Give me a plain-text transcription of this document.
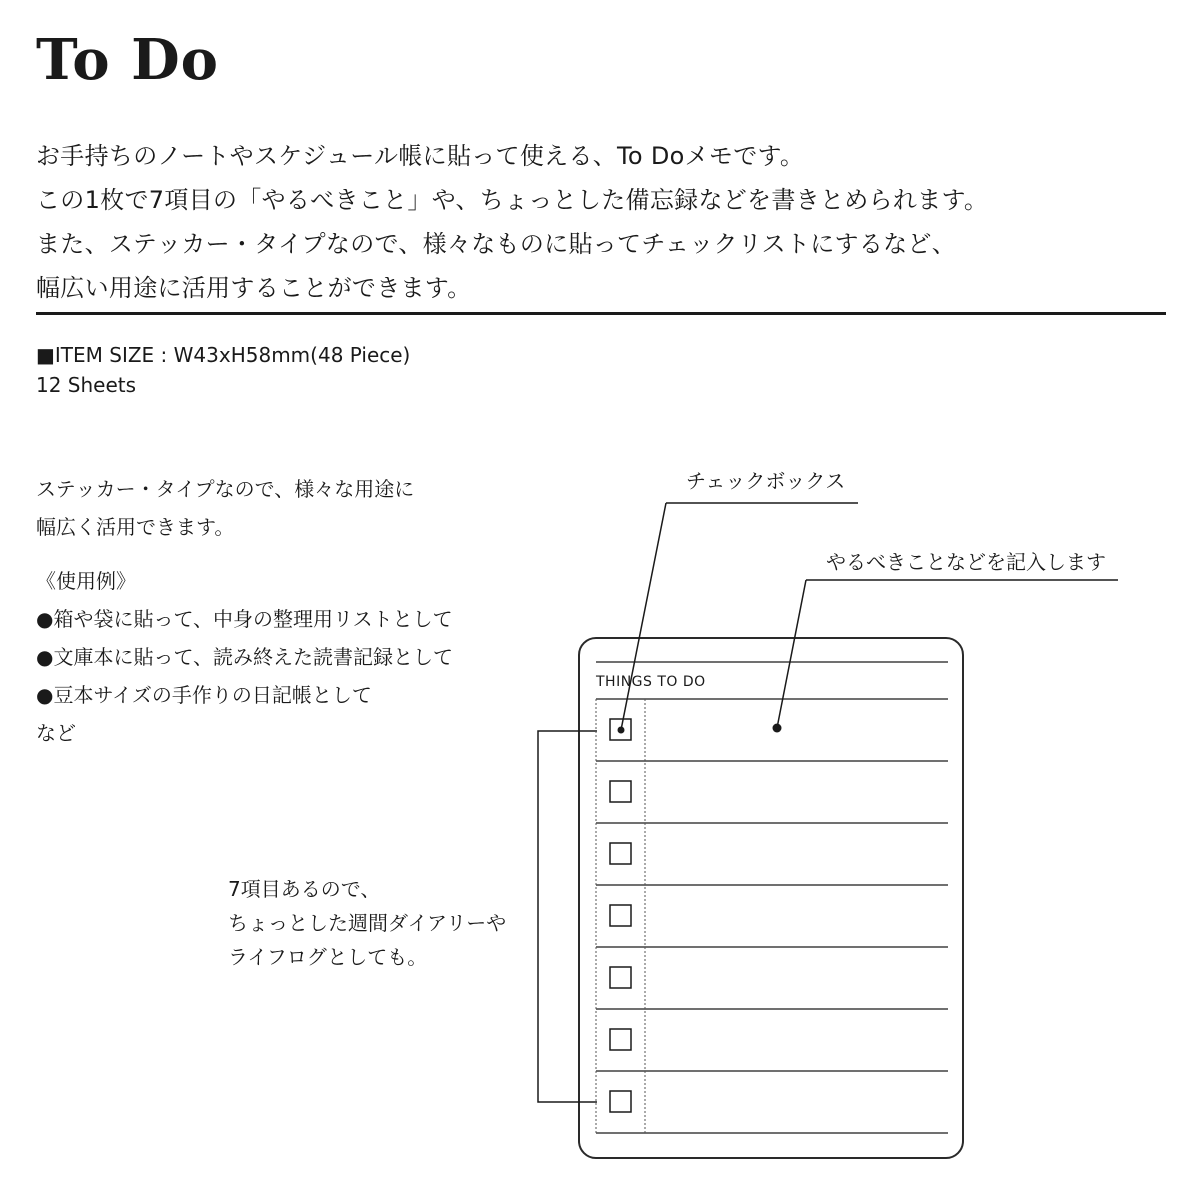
To Do
お手持ちのノートやスケジュール帳に貼って使える、To Doメモです。
この1枚で7項目の「やるべきこと」や、ちょっとした備忘録などを書きとめられます。
また、ステッカー・タイプなので、様々なものに貼ってチェックリストにするなど、
幅広い用途に活用することができます。
■ITEM SIZE : W43xH58mm(48 Piece)
12 Sheets
ステッカー・タイプなので、様々な用途に
幅広く活用できます。
《使用例》
●箱や袋に貼って、中身の整理用リストとして
●文庫本に貼って、読み終えた読書記録として
●豆本サイズの手作りの日記帳として
など
7項目あるので、
ちょっとした週間ダイアリーや
ライフログとしても。
チェックボックス
やるべきことなどを記入します
THINGS TO DO
